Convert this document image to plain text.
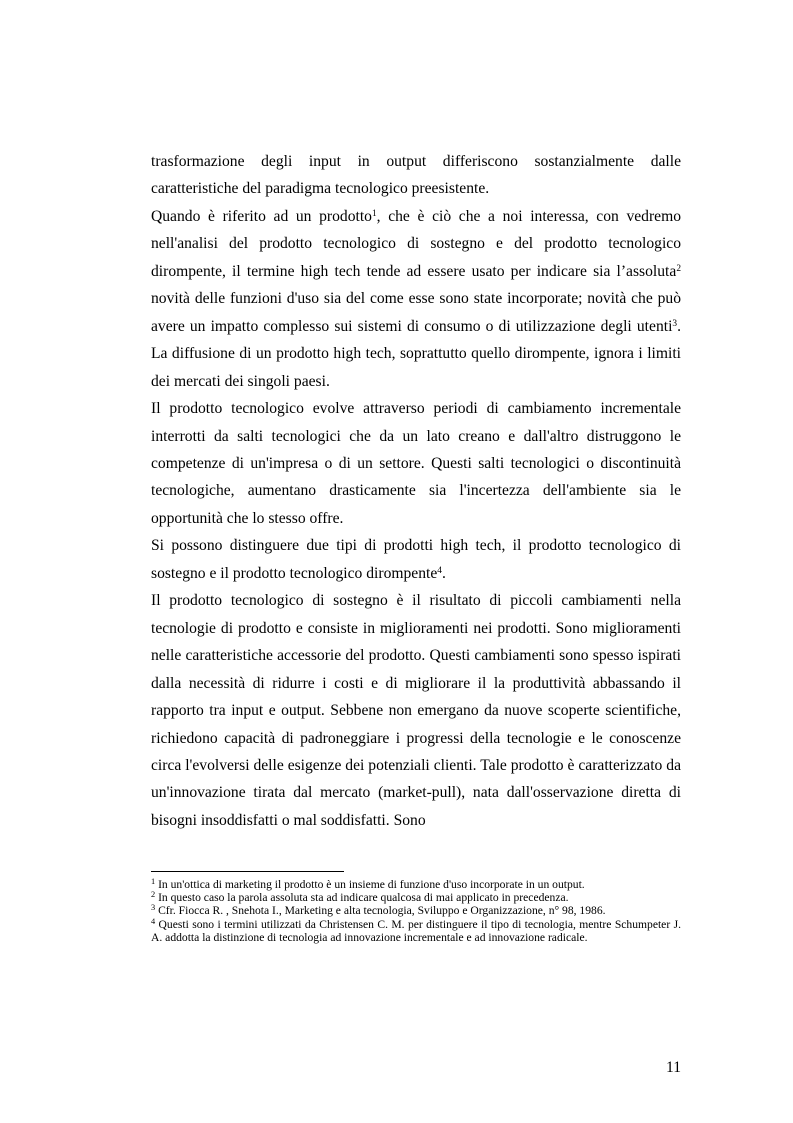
trasformazione degli input in output differiscono sostanzialmente dalle caratteristiche del paradigma tecnologico preesistente.

Quando è riferito ad un prodotto$^1$, che è ciò che a noi interessa, con vedremo nell'analisi del prodotto tecnologico di sostegno e del prodotto tecnologico dirompente, il termine high tech tende ad essere usato per indicare sia l’assoluta$^2$ novità delle funzioni d'uso sia del come esse sono state incorporate; novità che può avere un impatto complesso sui sistemi di consumo o di utilizzazione degli utenti$^3$. La diffusione di un prodotto high tech, soprattutto quello dirompente, ignora i limiti dei mercati dei singoli paesi.

Il prodotto tecnologico evolve attraverso periodi di cambiamento incrementale interrotti da salti tecnologici che da un lato creano e dall'altro distruggono le competenze di un'impresa o di un settore. Questi salti tecnologici o discontinuità tecnologiche, aumentano drasticamente sia l'incertezza dell'ambiente sia le opportunità che lo stesso offre.

Si possono distinguere due tipi di prodotti high tech, il prodotto tecnologico di sostegno e il prodotto tecnologico dirompente$^4$.

Il prodotto tecnologico di sostegno è il risultato di piccoli cambiamenti nella tecnologie di prodotto e consiste in miglioramenti nei prodotti. Sono miglioramenti nelle caratteristiche accessorie del prodotto. Questi cambiamenti sono spesso ispirati dalla necessità di ridurre i costi e di migliorare il la produttività abbassando il rapporto tra input e output. Sebbene non emergano da nuove scoperte scientifiche, richiedono capacità di padroneggiare i progressi della tecnologie e le conoscenze circa l'evolversi delle esigenze dei potenziali clienti. Tale prodotto è caratterizzato da un'innovazione tirata dal mercato (market-pull), nata dall'osservazione diretta di bisogni insoddisfatti o mal soddisfatti. Sono

$^1$ In un'ottica di marketing il prodotto è un insieme di funzione d'uso incorporate in un output.

$^2$ In questo caso la parola assoluta sta ad indicare qualcosa di mai applicato in precedenza.

$^3$ Cfr. Fiocca R. , Snehota I., Marketing e alta tecnologia, Sviluppo e Organizzazione, n° 98, 1986.

$^4$ Questi sono i termini utilizzati da Christensen C. M. per distinguere il tipo di tecnologia, mentre Schumpeter J. A. addotta la distinzione di tecnologia ad innovazione incrementale e ad innovazione radicale.

11
